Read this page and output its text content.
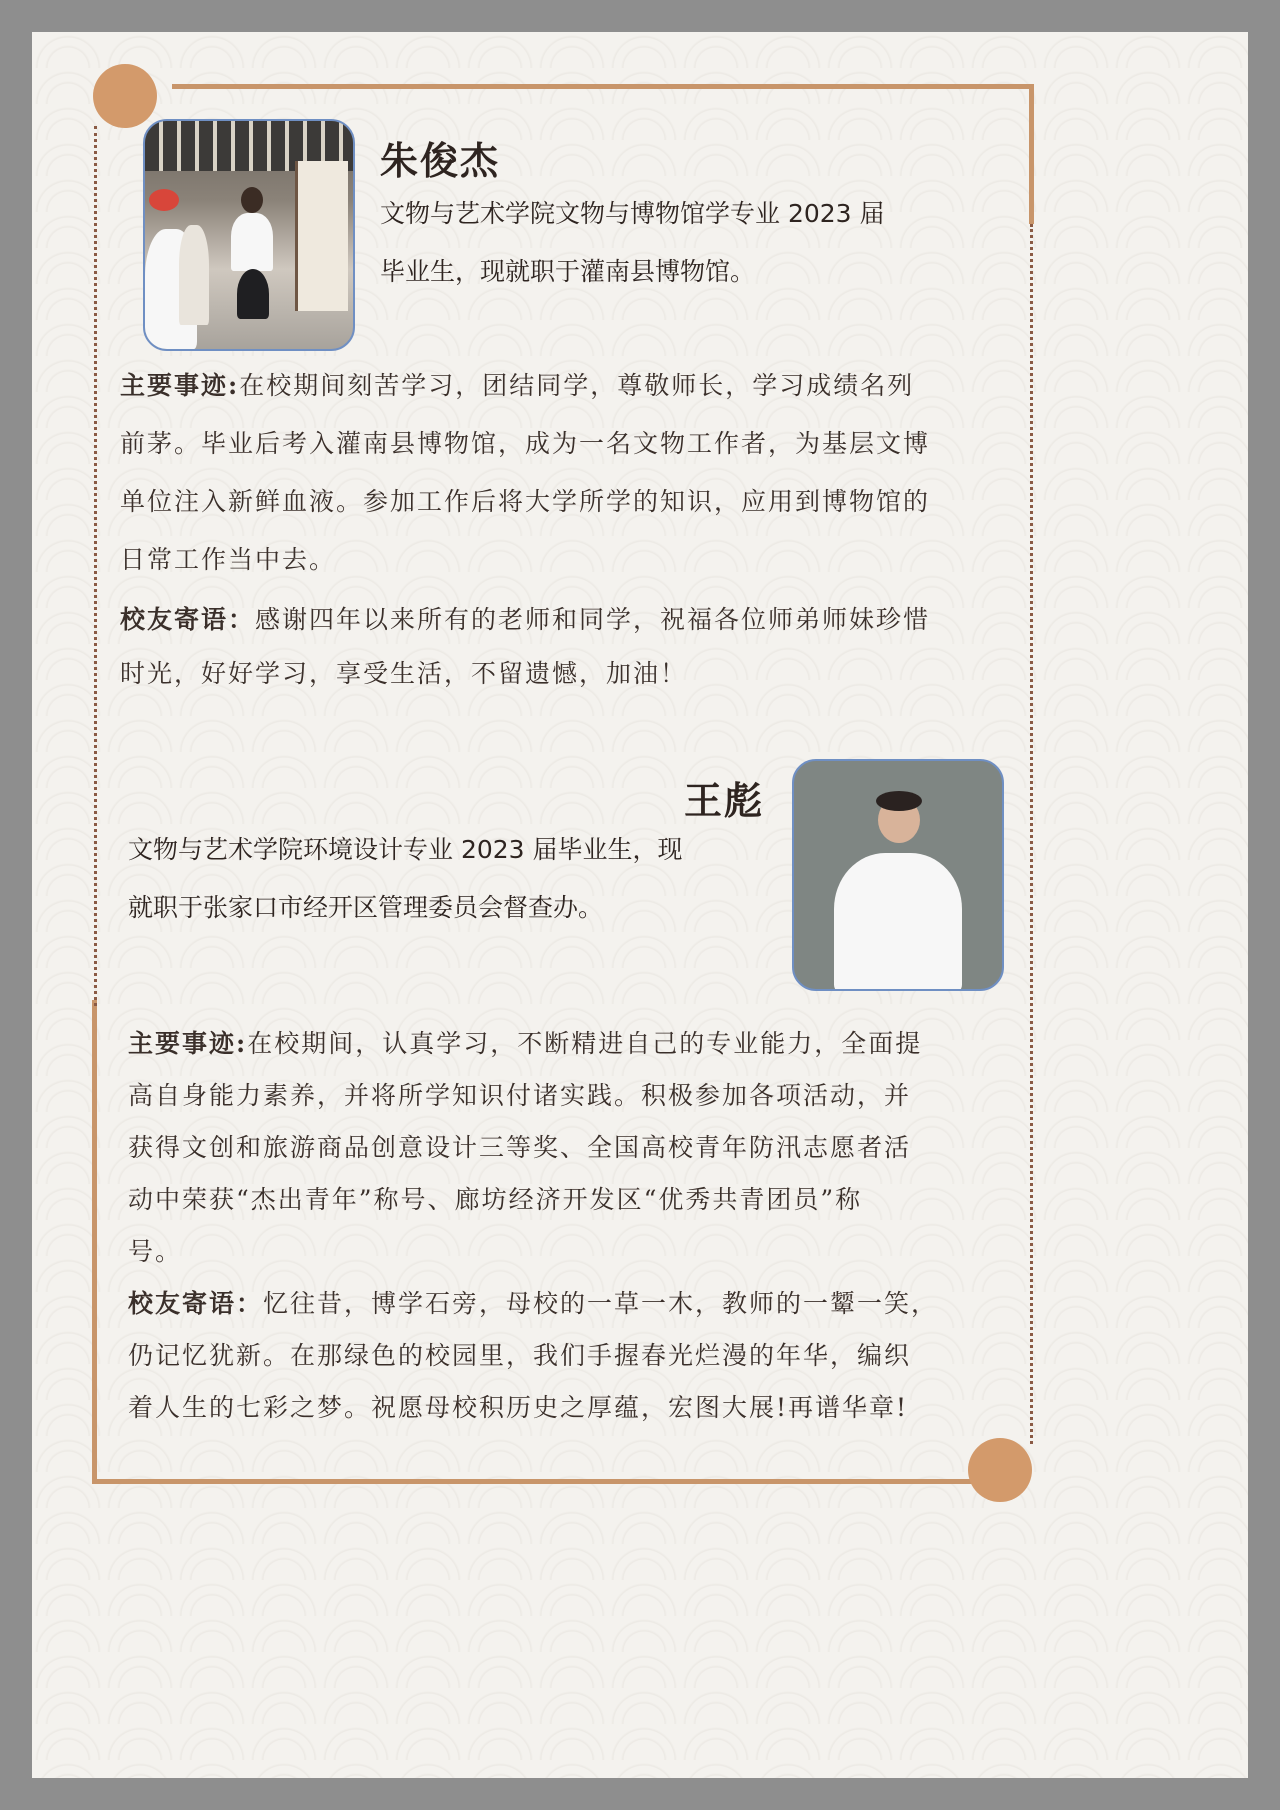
朱俊杰
文物与艺术学院文物与博物馆学专业 2023 届
毕业生，现就职于灌南县博物馆。
主要事迹:在校期间刻苦学习，团结同学，尊敬师长，学习成绩名列
前茅。毕业后考入灌南县博物馆，成为一名文物工作者，为基层文博
单位注入新鲜血液。参加工作后将大学所学的知识，应用到博物馆的
日常工作当中去。
校友寄语：感谢四年以来所有的老师和同学，祝福各位师弟师妹珍惜
时光，好好学习，享受生活，不留遗憾，加油！
王彪
文物与艺术学院环境设计专业 2023 届毕业生，现
就职于张家口市经开区管理委员会督查办。
主要事迹:在校期间，认真学习，不断精进自己的专业能力，全面提
高自身能力素养，并将所学知识付诸实践。积极参加各项活动，并
获得文创和旅游商品创意设计三等奖、全国高校青年防汛志愿者活
动中荣获“杰出青年”称号、廊坊经济开发区“优秀共青团员”称
号。
校友寄语：忆往昔，博学石旁，母校的一草一木，教师的一颦一笑，
仍记忆犹新。在那绿色的校园里，我们手握春光烂漫的年华，编织
着人生的七彩之梦。祝愿母校积历史之厚蕴，宏图大展!再谱华章!
